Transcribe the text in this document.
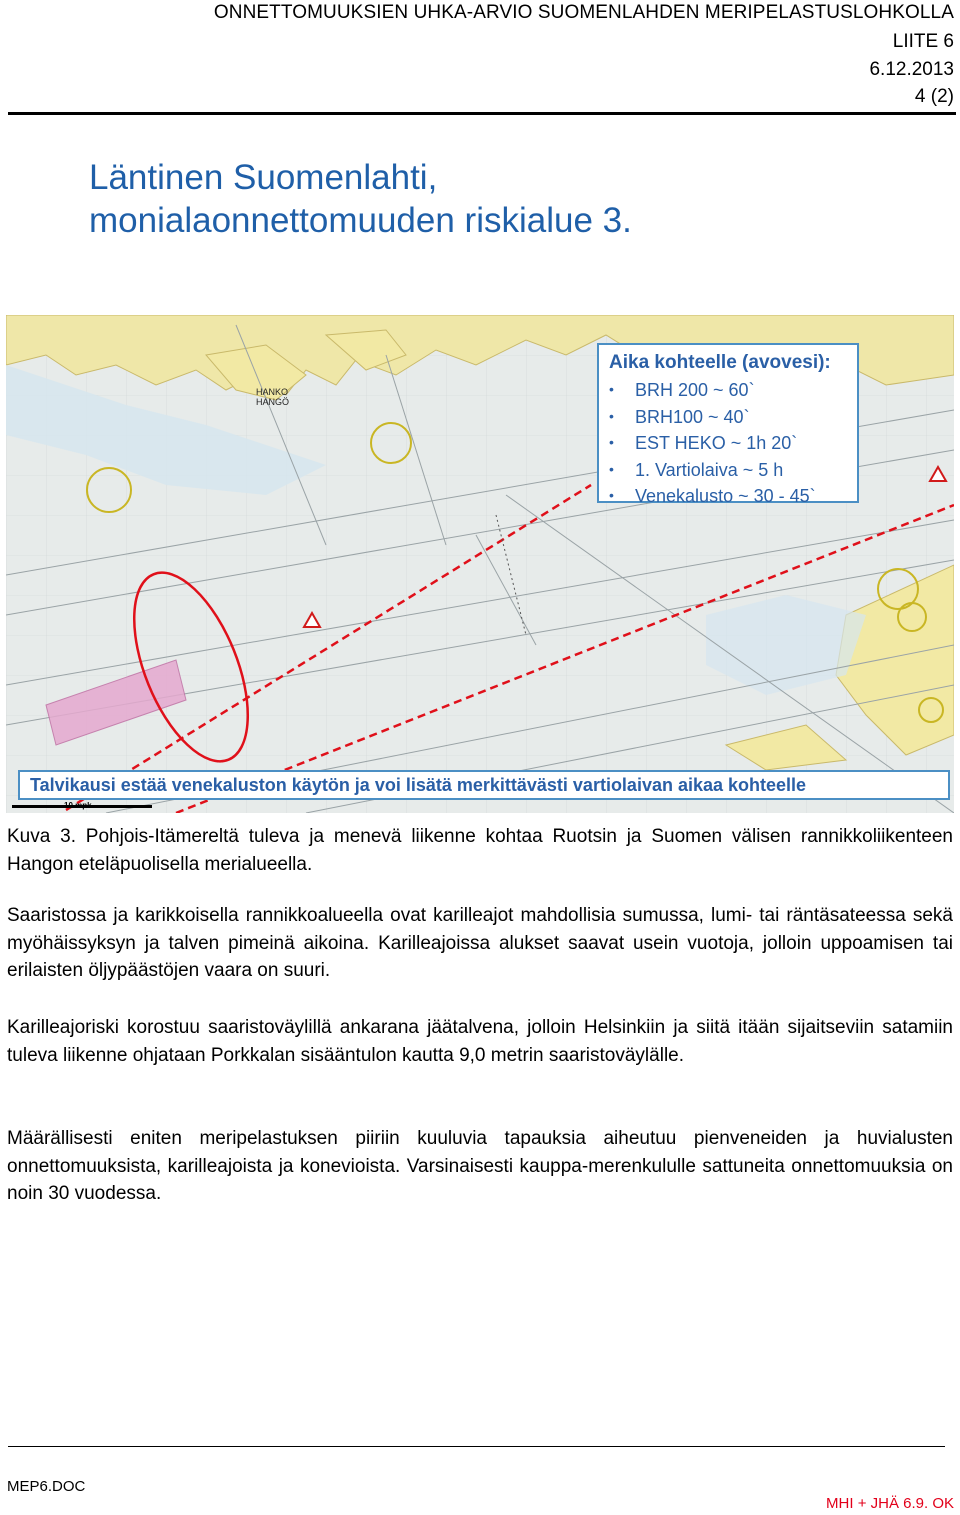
ONNETTOMUUKSIEN UHKA-ARVIO SUOMENLAHDEN MERIPELASTUSLOHKOLLA
LIITE 6
6.12.2013
4 (2)
Läntinen Suomenlahti,
monialaonnettomuuden riskialue 3.
HANKO
HANGÖ
Aika kohteelle (avovesi):
• BRH 200 ~ 60`
• BRH100 ~ 40`
• EST HEKO ~ 1h 20`
• 1. Vartiolaiva ~ 5 h
• Venekalusto ~ 30 - 45`
Talvikausi estää venekaluston käytön ja voi lisätä merkittävästi vartiolaivan aikaa kohteelle
10 mpk
Kuva 3. Pohjois-Itämereltä tuleva ja menevä liikenne kohtaa Ruotsin ja Suomen välisen rannikkoliikenteen Hangon eteläpuolisella merialueella.
Saaristossa ja karikkoisella rannikkoalueella ovat karilleajot mahdollisia sumussa, lumi- tai räntäsateessa sekä myöhäissyksyn ja talven pimeinä aikoina. Karilleajoissa alukset saavat usein vuotoja, jolloin uppoamisen tai erilaisten öljypäästöjen vaara on suuri.
Karilleajoriski korostuu saaristoväylillä ankarana jäätalvena, jolloin Helsinkiin ja siitä itään sijaitseviin satamiin tuleva liikenne ohjataan Porkkalan sisääntulon kautta 9,0 metrin saaristoväylälle.
Määrällisesti eniten meripelastuksen piiriin kuuluvia tapauksia aiheutuu pienveneiden ja huvialusten onnettomuuksista, karilleajoista ja konevioista. Varsinaisesti kauppa-merenkululle sattuneita onnettomuuksia on noin 30 vuodessa.
MEP6.DOC
MHI + JHÄ 6.9. OK
